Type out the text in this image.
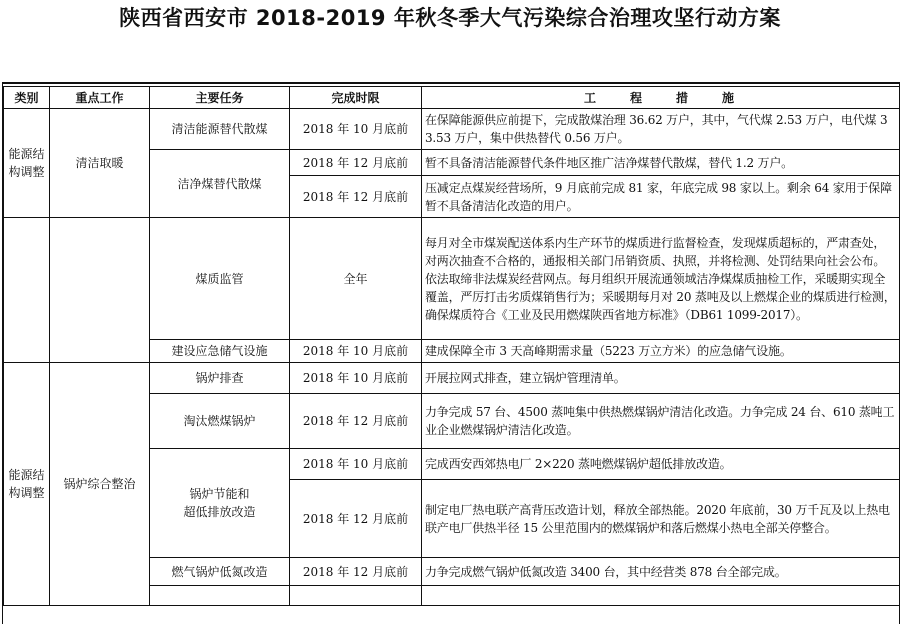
陕西省西安市 2018-2019 年秋冬季大气污染综合治理攻坚行动方案
类别	重点工作	主要任务	完成时限	工程措施

能源结
构调整	清洁取暖	清洁能源替代散煤	2018 年 10 月底前	在保障能源供应前提下，完成散煤治理 36.62 万户，其中，气代煤 2.53 万户，电代煤 33.53 万户，集中供热替代 0.56 万户。
		洁净煤替代散煤	2018 年 12 月底前	暂不具备清洁能源替代条件地区推广洁净煤替代散煤，替代 1.2 万户。
			2018 年 12 月底前	压减定点煤炭经营场所，9 月底前完成 81 家，年底完成 98 家以上。剩余 64 家用于保障暂不具备清洁化改造的用户。
		煤质监管	全年	每月对全市煤炭配送体系内生产环节的煤质进行监督检查，发现煤质超标的，严肃查处，对两次抽查不合格的，通报相关部门吊销资质、执照，并将检测、处罚结果向社会公布。依法取缔非法煤炭经营网点。每月组织开展流通领域洁净煤煤质抽检工作，采暖期实现全覆盖，严厉打击劣质煤销售行为；采暖期每月对 20 蒸吨及以上燃煤企业的煤质进行检测，确保煤质符合《工业及民用燃煤陕西省地方标准》（DB61 1099-2017）。
		建设应急储气设施	2018 年 10 月底前	建成保障全市 3 天高峰期需求量（5223 万立方米）的应急储气设施。

能源结
构调整	锅炉综合整治	锅炉排查	2018 年 10 月底前	开展拉网式排查，建立锅炉管理清单。
		淘汰燃煤锅炉	2018 年 12 月底前	力争完成 57 台、4500 蒸吨集中供热燃煤锅炉清洁化改造。力争完成 24 台、610 蒸吨工业企业燃煤锅炉清洁化改造。

		锅炉节能和
超低排放改造	2018 年 10 月底前	完成西安西郊热电厂 2×220 蒸吨燃煤锅炉超低排放改造。
			2018 年 12 月底前	制定电厂热电联产高背压改造计划，释放全部热能。2020 年底前，30 万千瓦及以上热电联产电厂供热半径 15 公里范围内的燃煤锅炉和落后燃煤小热电全部关停整合。
		燃气锅炉低氮改造	2018 年 12 月底前	力争完成燃气锅炉低氮改造 3400 台，其中经营类 878 台全部完成。
